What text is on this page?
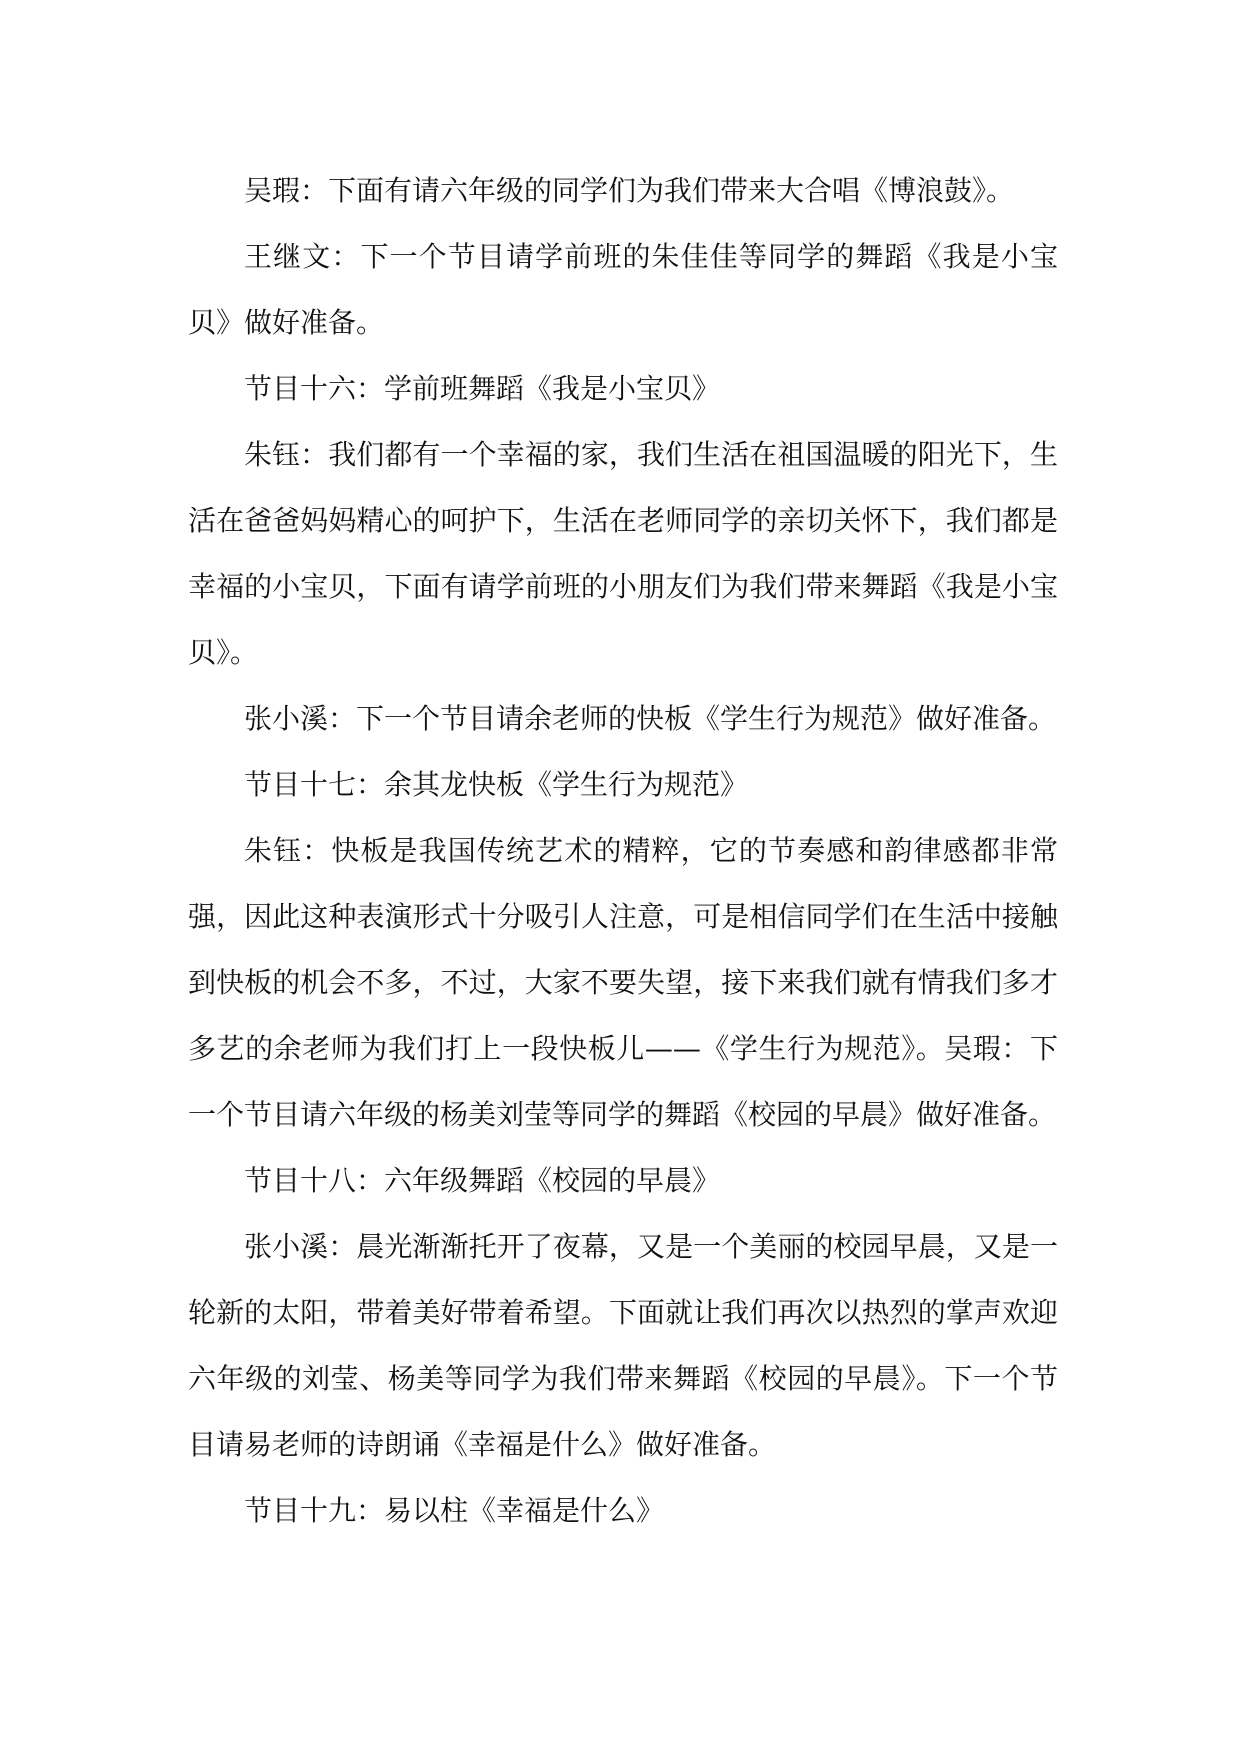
吴瑕：下面有请六年级的同学们为我们带来大合唱《博浪鼓》。

王继文：下一个节目请学前班的朱佳佳等同学的舞蹈《我是小宝贝》做好准备。

节目十六：学前班舞蹈《我是小宝贝》

朱钰：我们都有一个幸福的家，我们生活在祖国温暖的阳光下，生活在爸爸妈妈精心的呵护下，生活在老师同学的亲切关怀下，我们都是幸福的小宝贝，下面有请学前班的小朋友们为我们带来舞蹈《我是小宝贝》。

张小溪：下一个节目请余老师的快板《学生行为规范》做好准备。

节目十七：余其龙快板《学生行为规范》

朱钰：快板是我国传统艺术的精粹，它的节奏感和韵律感都非常强，因此这种表演形式十分吸引人注意，可是相信同学们在生活中接触到快板的机会不多，不过，大家不要失望，接下来我们就有情我们多才多艺的余老师为我们打上一段快板儿——《学生行为规范》。吴瑕：下一个节目请六年级的杨美刘莹等同学的舞蹈《校园的早晨》做好准备。

节目十八：六年级舞蹈《校园的早晨》

张小溪：晨光渐渐托开了夜幕，又是一个美丽的校园早晨，又是一轮新的太阳，带着美好带着希望。下面就让我们再次以热烈的掌声欢迎六年级的刘莹、杨美等同学为我们带来舞蹈《校园的早晨》。下一个节目请易老师的诗朗诵《幸福是什么》做好准备。

节目十九：易以柱《幸福是什么》
